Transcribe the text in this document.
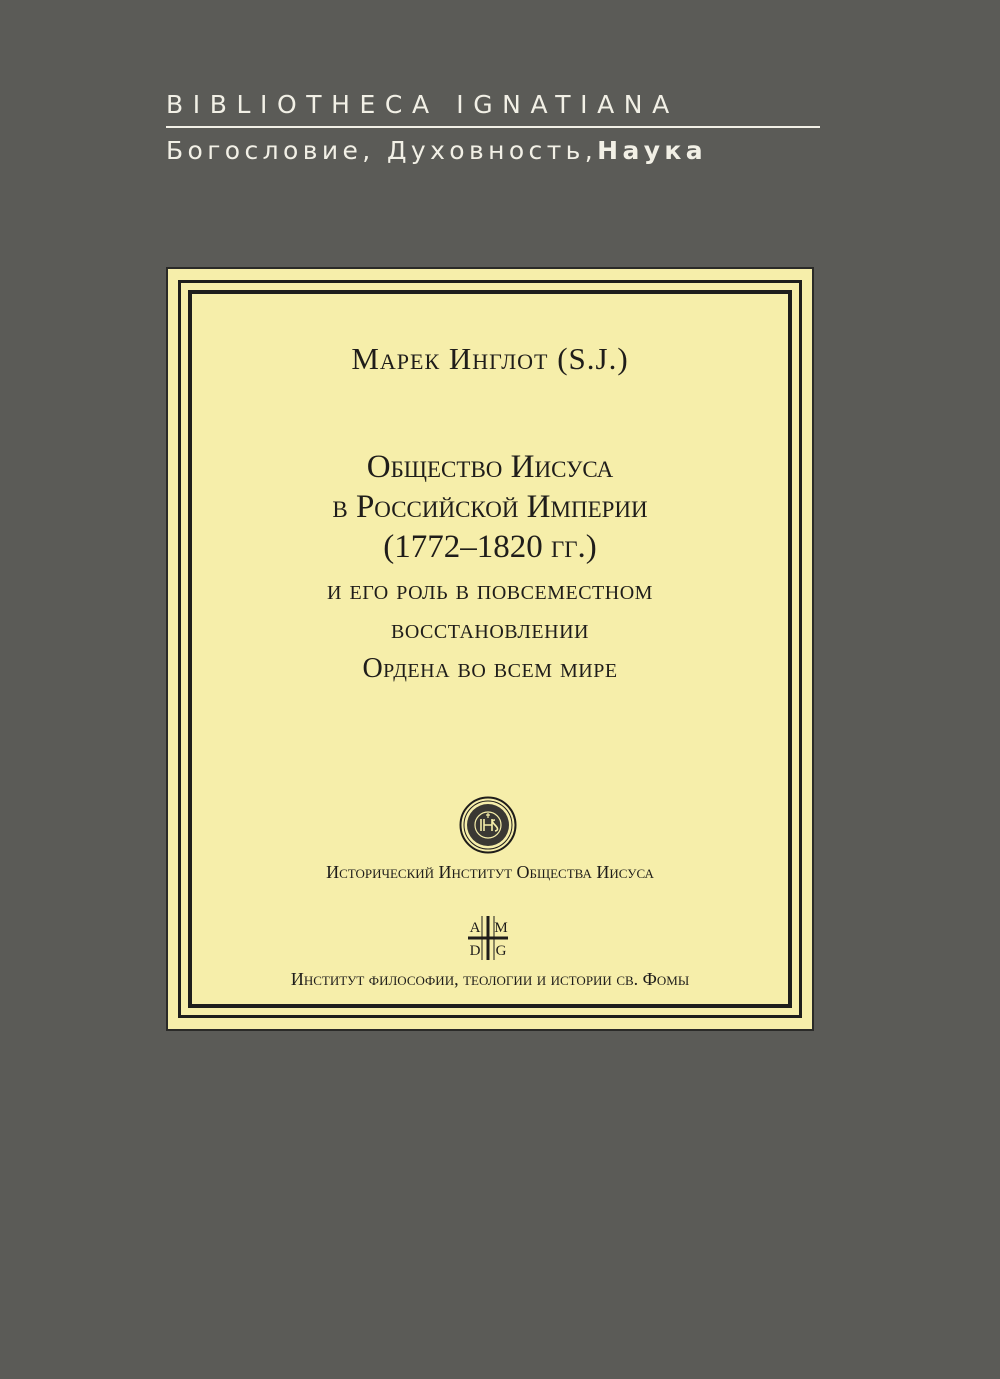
BIBLIOTHECA IGNATIANA
Богословие, Духовность,Наука
Марек Инглот (S.J.)
Общество Иисуса
в Российской Империи
(1772–1820 гг.)
и его роль в повсеместном
восстановлении
Ордена во всем мире
Исторический Институт Общества Иисуса
A M
D G
Институт философии, теологии и истории св. Фомы
